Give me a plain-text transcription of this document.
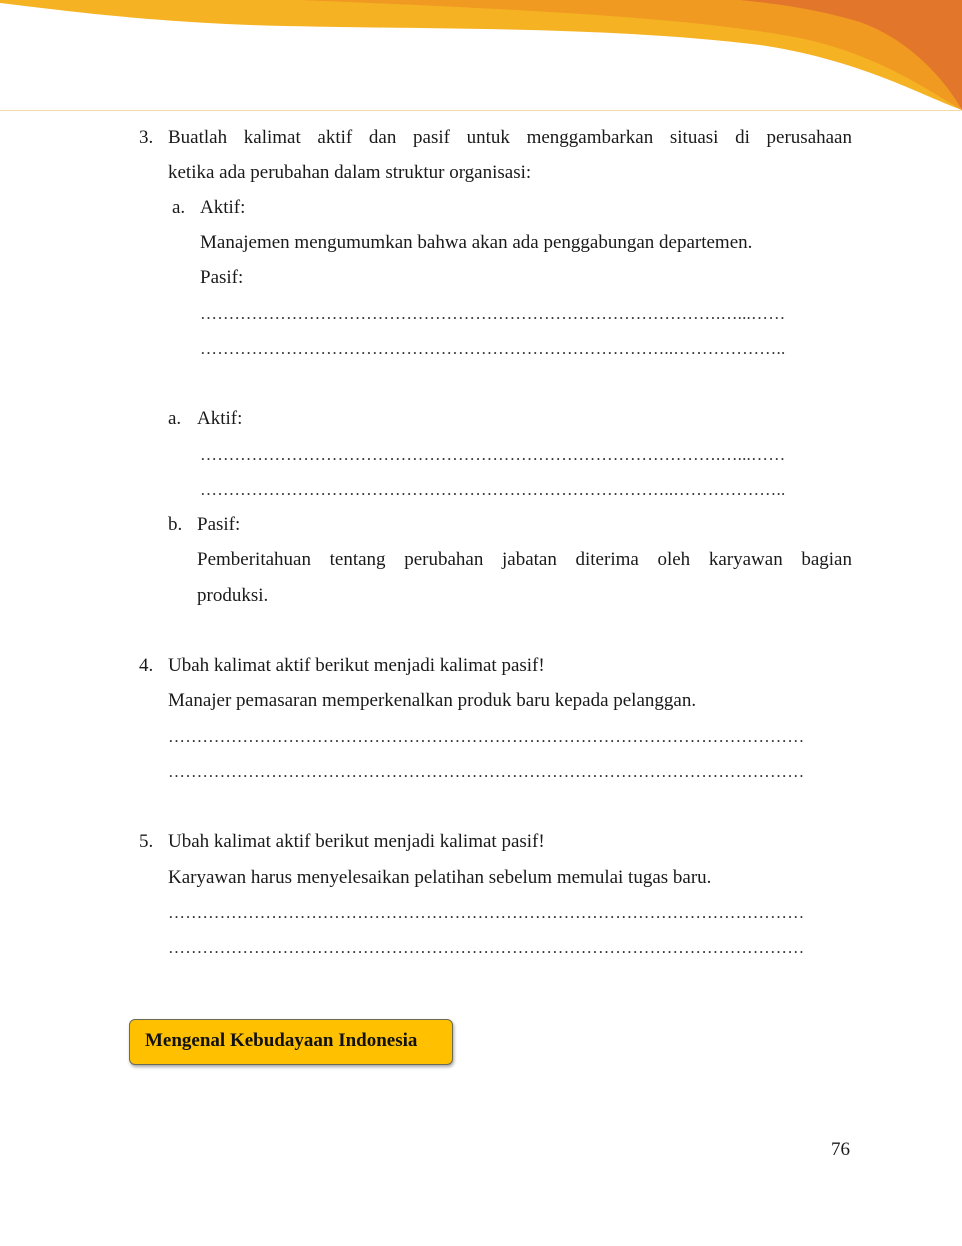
3. Buatlah kalimat aktif dan pasif untuk menggambarkan situasi di perusahaan
ketika ada perubahan dalam struktur organisasi:
a. Aktif:
Manajemen mengumumkan bahwa akan ada penggabungan departemen.
Pasif:
……………………………………………………………………………….…...……
………………………………………………………………………..………………..
a. Aktif:
……………………………………………………………………………….…...……
………………………………………………………………………..………………..
b. Pasif:
Pemberitahuan tentang perubahan jabatan diterima oleh karyawan bagian
produksi.
4. Ubah kalimat aktif berikut menjadi kalimat pasif!
Manajer pemasaran memperkenalkan produk baru kepada pelanggan.
…………………………………………………………………………………………………
…………………………………………………………………………………………………
5. Ubah kalimat aktif berikut menjadi kalimat pasif!
Karyawan harus menyelesaikan pelatihan sebelum memulai tugas baru.
…………………………………………………………………………………………………
…………………………………………………………………………………………………
Mengenal Kebudayaan Indonesia
76
